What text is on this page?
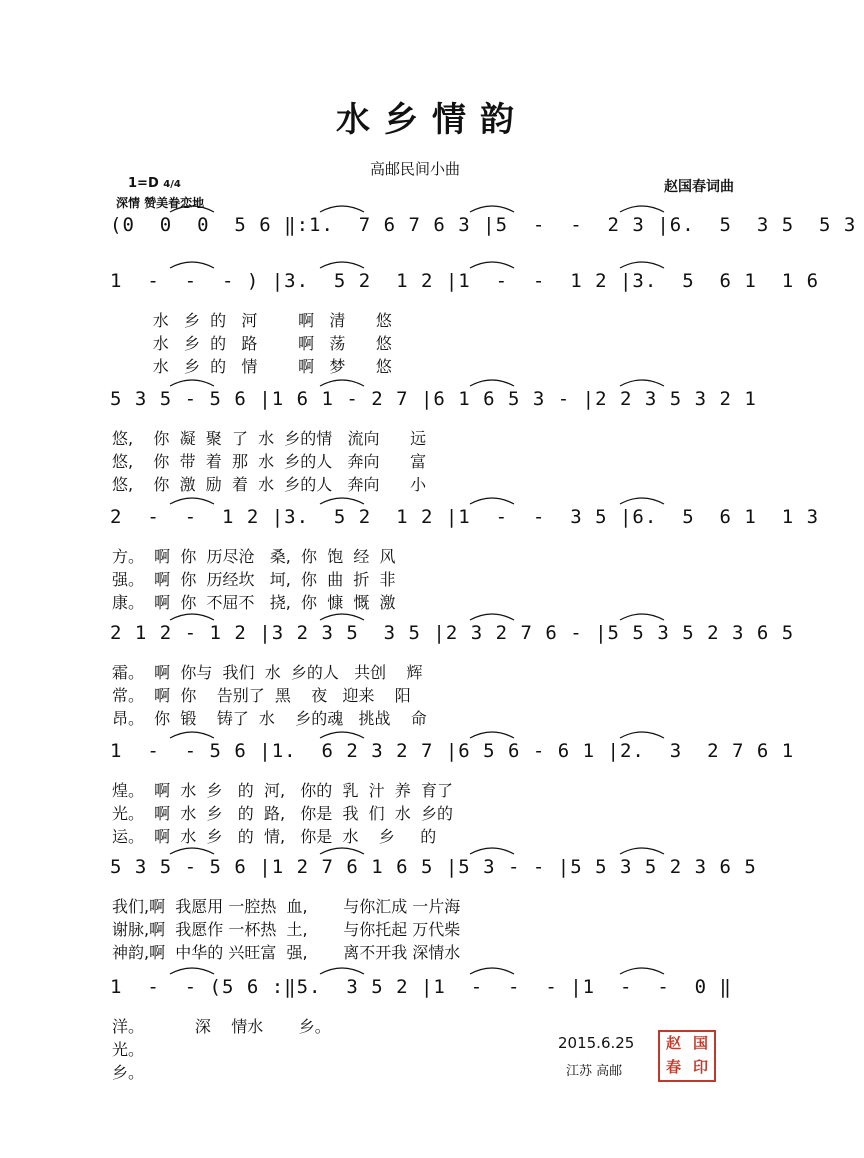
水乡情韵
高邮民间小曲
赵国春词曲
1=D 4/4
深情 赞美眷恋地
(0  0  0  5 6 ‖:1.  7 6 7 6 3 |5  -  -  2 3 |6.  5  3 5  5 3
1  -  -  - ) |3.  5 2  1 2 |1  -  -  1 2 |3.  5  6 1  1 6
水   乡  的   河        啊   清      悠
水   乡  的   路        啊   荡      悠
水   乡  的   情        啊   梦      悠
5 3 5 - 5 6 |1 6 1 - 2 7 |6 1 6 5 3 - |2 2 3 5 3 2 1
悠,    你  凝  聚  了  水  乡的情   流向      远
悠,    你  带  着  那  水  乡的人   奔向      富
悠,    你  激  励  着  水  乡的人   奔向      小
2  -  -  1 2 |3.  5 2  1 2 |1  -  -  3 5 |6.  5  6 1  1 3
方。  啊  你  历尽沧   桑,  你  饱  经  风
强。  啊  你  历经坎   坷,  你  曲  折  非
康。  啊  你  不屈不   挠,  你  慷  慨  激
2 1 2 - 1 2 |3 2 3 5  3 5 |2 3 2 7 6 - |5 5 3 5 2 3 6 5
霜。  啊  你与  我们  水  乡的人   共创    辉
常。  啊  你    告别了  黑    夜   迎来    阳
昂。  你  锻    铸了  水    乡的魂   挑战    命
1  -  - 5 6 |1.  6 2 3 2 7 |6 5 6 - 6 1 |2.  3  2 7 6 1
煌。  啊  水  乡   的  河,   你的  乳  汁  养  育了
光。  啊  水  乡   的  路,   你是  我  们  水  乡的
运。  啊  水  乡   的  情,   你是  水    乡     的
5 3 5 - 5 6 |1 2 7 6 1 6 5 |5 3 - - |5 5 3 5 2 3 6 5
我们,啊  我愿用 一腔热  血,       与你汇成 一片海
谢脉,啊  我愿作 一杯热  土,       与你托起 万代柴
神韵,啊  中华的 兴旺富  强,       离不开我 深情水
1  -  - (5 6 :‖5.  3 5 2 |1  -  -  - |1  -  -  0 ‖
洋。          深    情水       乡。
光。
乡。
2015.6.25
江苏 高邮
赵 国
春 印
